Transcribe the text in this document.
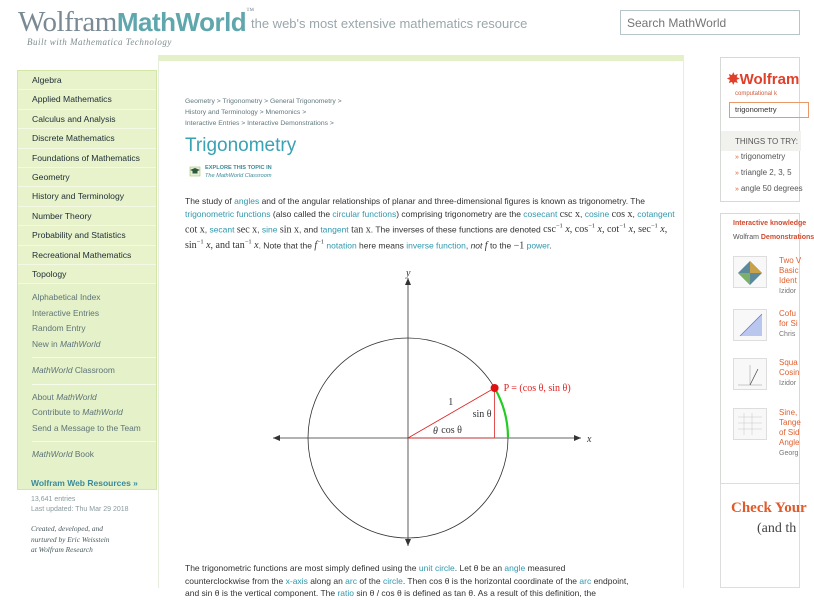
WolframMathWorld™
Built with Mathematica Technology
the web's most extensive mathematics resource
Search MathWorld
Algebra
Applied Mathematics
Calculus and Analysis
Discrete Mathematics
Foundations of Mathematics
Geometry
History and Terminology
Number Theory
Probability and Statistics
Recreational Mathematics
Topology
Alphabetical Index
Interactive Entries
Random Entry
New in MathWorld
MathWorld Classroom
About MathWorld
Contribute to MathWorld
Send a Message to the Team
MathWorld Book
Wolfram Web Resources »
13,641 entries
Last updated: Thu Mar 29 2018
Created, developed, and
nurtured by Eric Weisstein
at Wolfram Research
Geometry > Trigonometry > General Trigonometry >
History and Terminology > Mnemonics >
Interactive Entries > Interactive Demonstrations >
Trigonometry
EXPLORE THIS TOPIC IN
The MathWorld Classroom
The study of angles and of the angular relationships of planar and three-dimensional figures is known as trigonometry. The trigonometric functions (also called the circular functions) comprising trigonometry are the cosecant csc x, cosine cos x, cotangent cot x, secant sec x, sine sin x, and tangent tan x. The inverses of these functions are denoted $\csc^{-1} x$, $\cos^{-1} x$, $\cot^{-1} x$, $\sec^{-1} x$, $\sin^{-1} x$, and $\tan^{-1} x$. Note that the $f^{-1}$ notation here means inverse function, not f to the −1 power.
x
y
P = (cos θ, sin θ)
1
sin θ
cos θ
θ
The trigonometric functions are most simply defined using the unit circle. Let θ be an angle measured
counterclockwise from the x-axis along an arc of the circle. Then cos θ is the horizontal coordinate of the arc endpoint,
and sin θ is the vertical component. The ratio sin θ / cos θ is defined as tan θ. As a result of this definition, the
✸Wolfram
computational k
trigonometry
THINGS TO TRY:
» trigonometry
» triangle 2, 3, 5
» angle 50 degrees
Interactive knowledge
Wolfram Demonstrations
Two V
Basic
Ident
Izidor
Cofu
for Si
Chris
Squa
Cosin
Izidor
Sine,
Tange
of Sid
Angle
Georg
Check Your
(and th
